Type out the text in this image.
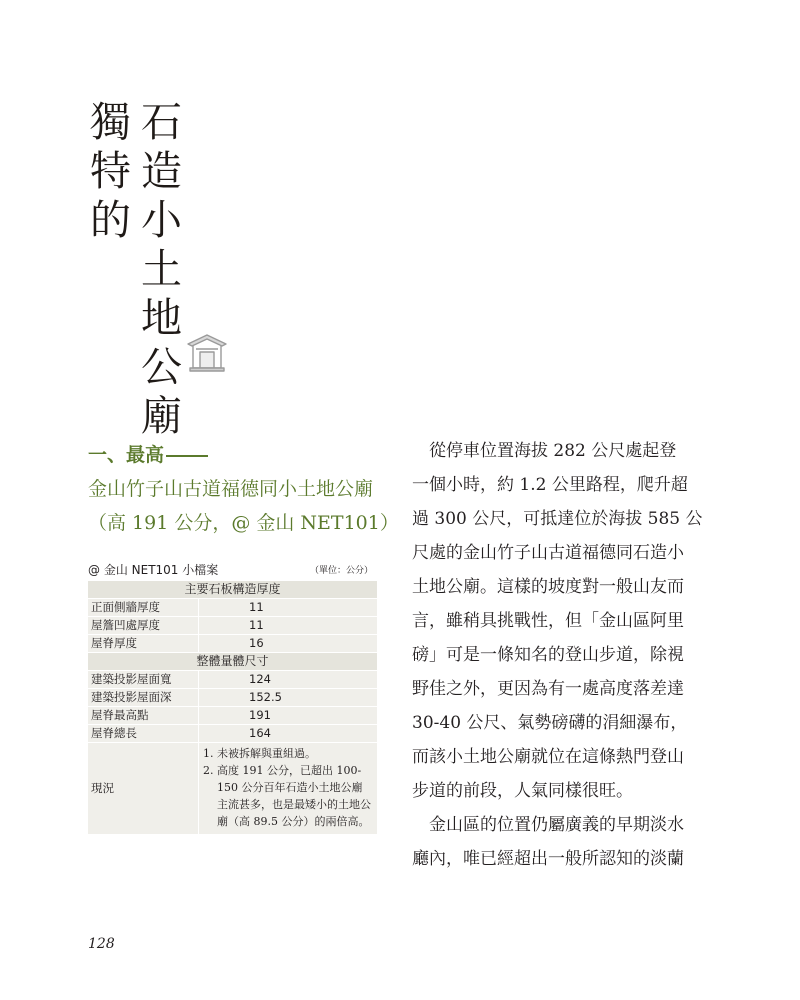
石造小土地公廟
獨特的
一、最高
金山竹子山古道福德同小土地公廟
（高 191 公分，@ 金山 NET101）
@ 金山 NET101 小檔案	（單位：公分）
主要石板構造厚度	
正面側牆厚度	11
屋簷凹處厚度	11
屋脊厚度	16
整體量體尺寸	
建築投影屋面寬	124
建築投影屋面深	152.5
屋脊最高點	191
屋脊總長	164
現況	1. 未被拆解與重組過。
2. 高度 191 公分，已超出 100-150 公分百年石造小土地公廟主流甚多，也是最矮小的土地公廟（高 89.5 公分）的兩倍高。
　從停車位置海拔 282 公尺處起登
一個小時，約 1.2 公里路程，爬升超
過 300 公尺，可抵達位於海拔 585 公
尺處的金山竹子山古道福德同石造小
土地公廟。這樣的坡度對一般山友而
言，雖稍具挑戰性，但「金山區阿里
磅」可是一條知名的登山步道，除視
野佳之外，更因為有一處高度落差達
30-40 公尺、氣勢磅礴的涓細瀑布，
而該小土地公廟就位在這條熱門登山
步道的前段，人氣同樣很旺。
　金山區的位置仍屬廣義的早期淡水
廳內，唯已經超出一般所認知的淡蘭
128
